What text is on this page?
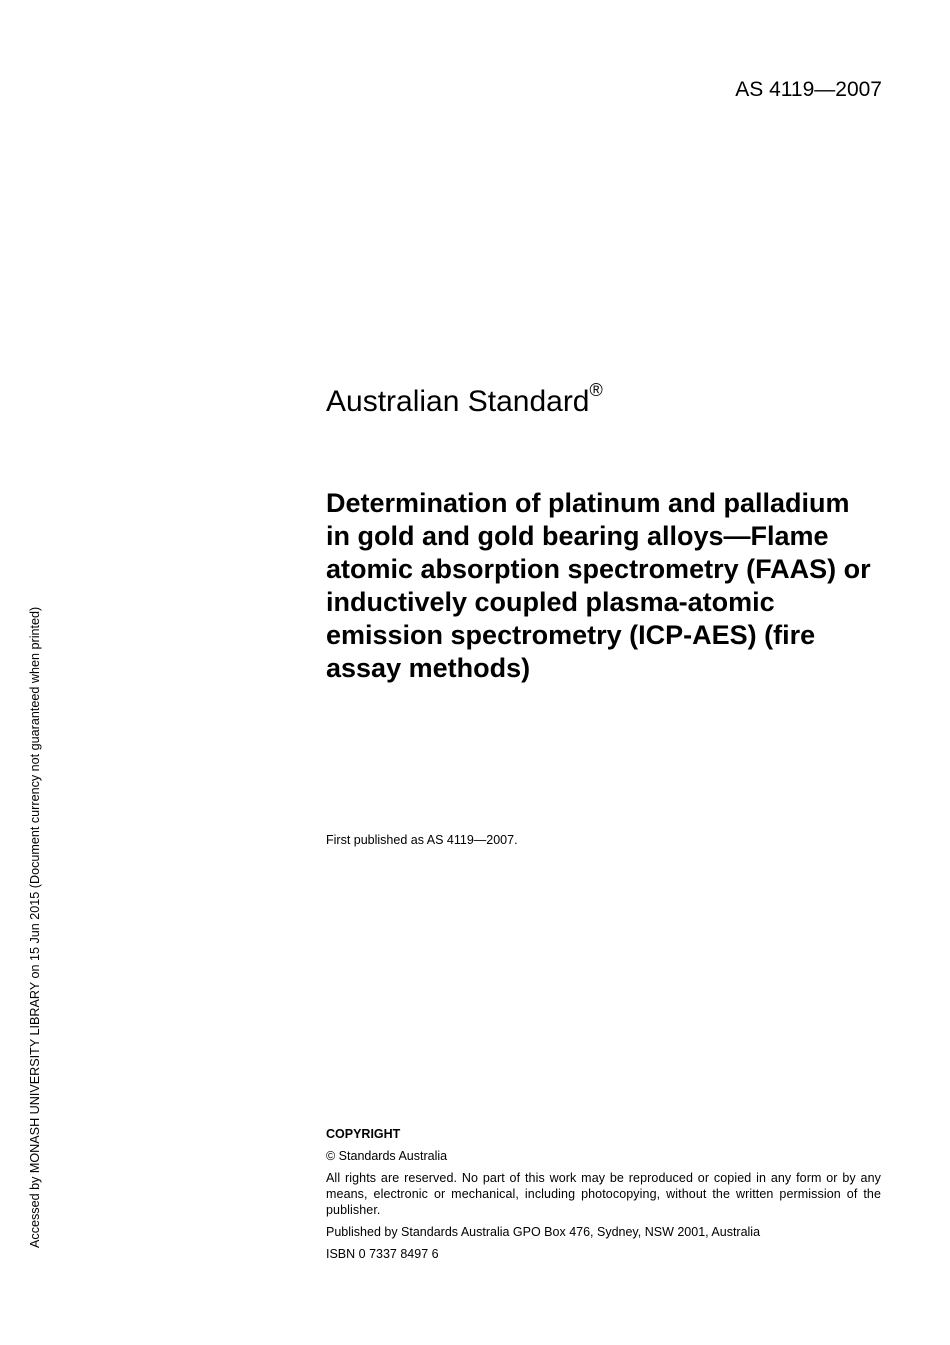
AS 4119—2007
Accessed by MONASH UNIVERSITY LIBRARY on 15 Jun 2015 (Document currency not guaranteed when printed)
Australian Standard®
Determination of platinum and palladium in gold and gold bearing alloys—Flame atomic absorption spectrometry (FAAS) or inductively coupled plasma-atomic emission spectrometry (ICP-AES) (fire assay methods)
First published as AS 4119—2007.
COPYRIGHT
© Standards Australia
All rights are reserved. No part of this work may be reproduced or copied in any form or by any means, electronic or mechanical, including photocopying, without the written permission of the publisher.
Published by Standards Australia GPO Box 476, Sydney, NSW 2001, Australia
ISBN 0 7337 8497 6
